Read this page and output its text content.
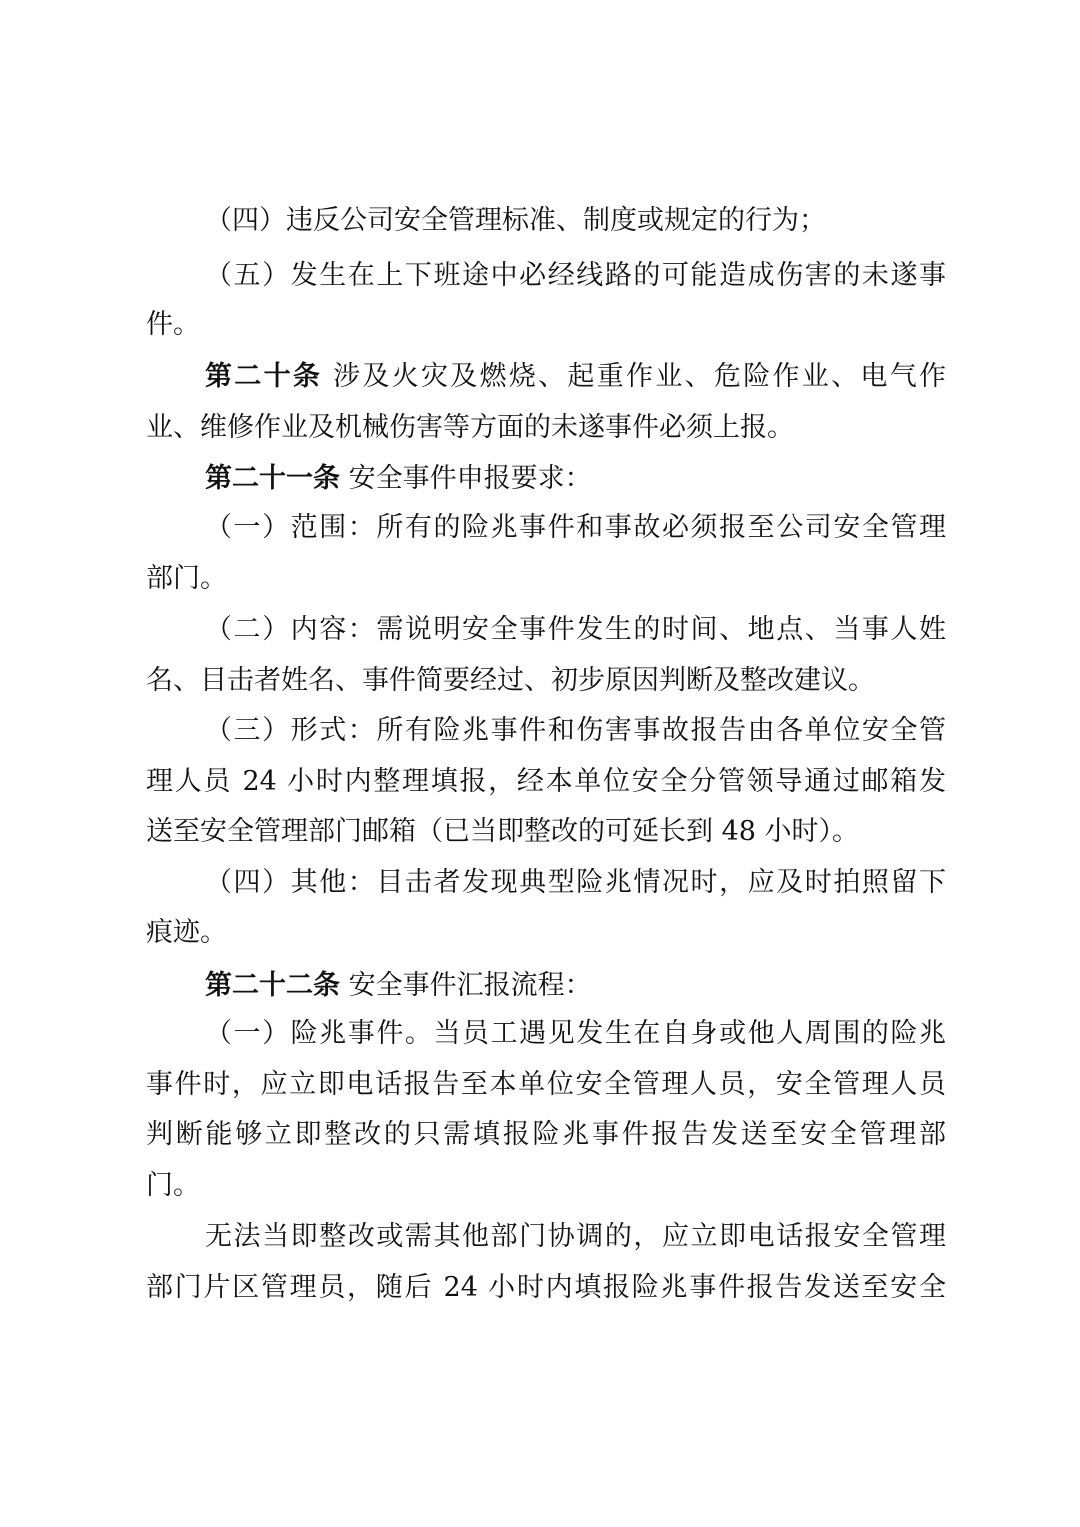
（四）违反公司安全管理标准、制度或规定的行为；
（五）发生在上下班途中必经线路的可能造成伤害的未遂事
件。
第二十条 涉及火灾及燃烧、起重作业、危险作业、电气作
业、维修作业及机械伤害等方面的未遂事件必须上报。
第二十一条 安全事件申报要求：
（一）范围：所有的险兆事件和事故必须报至公司安全管理
部门。
（二）内容：需说明安全事件发生的时间、地点、当事人姓
名、目击者姓名、事件简要经过、初步原因判断及整改建议。
（三）形式：所有险兆事件和伤害事故报告由各单位安全管
理人员 24 小时内整理填报，经本单位安全分管领导通过邮箱发
送至安全管理部门邮箱（已当即整改的可延长到 48 小时）。
（四）其他：目击者发现典型险兆情况时，应及时拍照留下
痕迹。
第二十二条 安全事件汇报流程：
（一）险兆事件。当员工遇见发生在自身或他人周围的险兆
事件时，应立即电话报告至本单位安全管理人员，安全管理人员
判断能够立即整改的只需填报险兆事件报告发送至安全管理部
门。
无法当即整改或需其他部门协调的，应立即电话报安全管理
部门片区管理员，随后 24 小时内填报险兆事件报告发送至安全
